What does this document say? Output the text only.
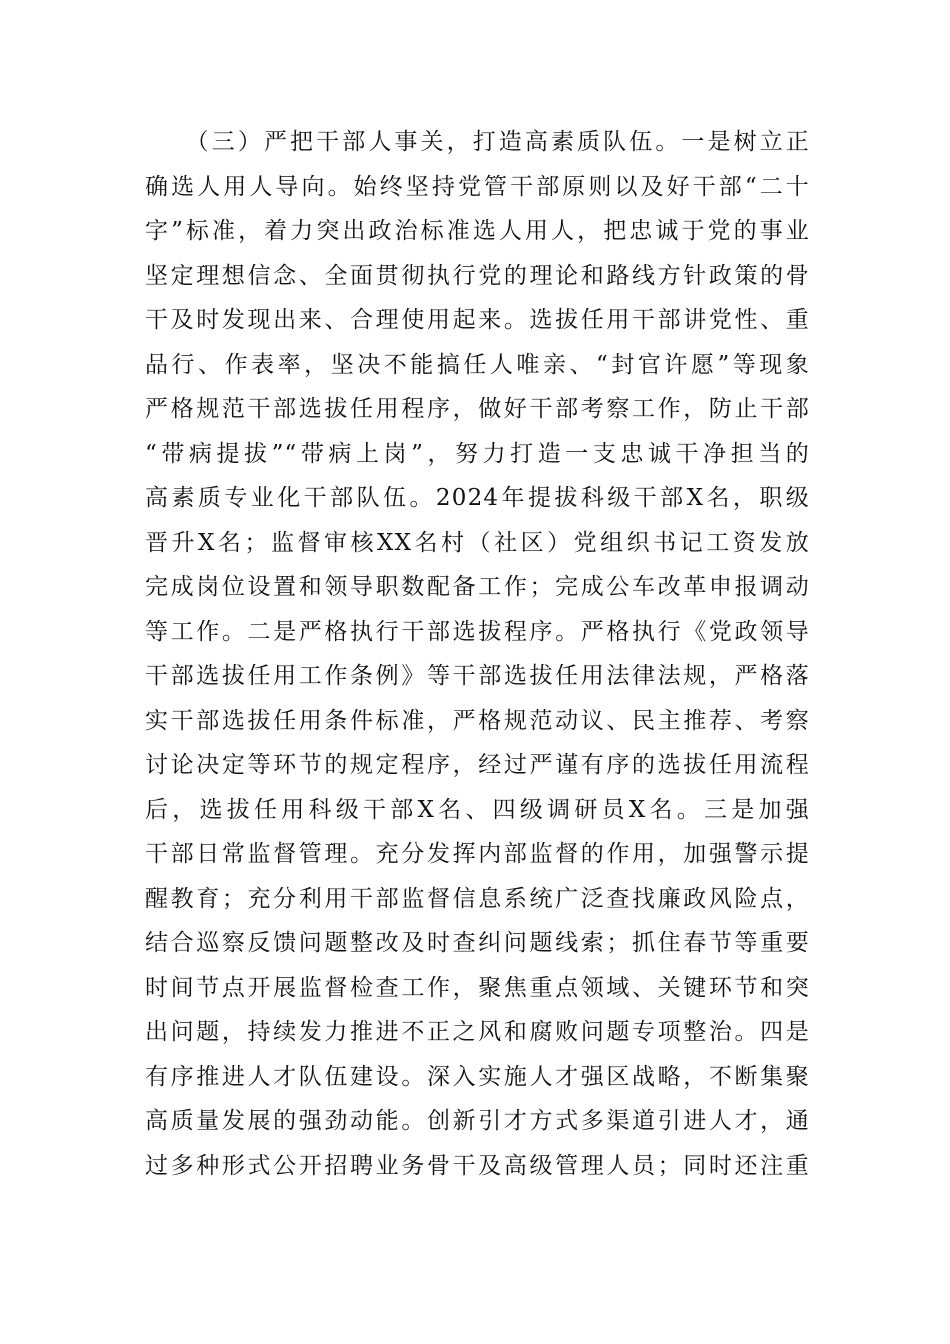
　　（三）严把干部人事关，打造高素质队伍。一是树立正
确选人用人导向。始终坚持党管干部原则以及好干部“二十
字”标准，着力突出政治标准选人用人，把忠诚于党的事业
坚定理想信念、全面贯彻执行党的理论和路线方针政策的骨
干及时发现出来、合理使用起来。选拔任用干部讲党性、重
品行、作表率，坚决不能搞任人唯亲、“封官许愿”等现象
严格规范干部选拔任用程序，做好干部考察工作，防止干部
“带病提拔”“带病上岗”，努力打造一支忠诚干净担当的
高素质专业化干部队伍。2024年提拔科级干部X名，职级
晋升X名；监督审核XX名村（社区）党组织书记工资发放
完成岗位设置和领导职数配备工作；完成公车改革申报调动
等工作。二是严格执行干部选拔程序。严格执行《党政领导
干部选拔任用工作条例》等干部选拔任用法律法规，严格落
实干部选拔任用条件标准，严格规范动议、民主推荐、考察
讨论决定等环节的规定程序，经过严谨有序的选拔任用流程
后，选拔任用科级干部X名、四级调研员X名。三是加强
干部日常监督管理。充分发挥内部监督的作用，加强警示提
醒教育；充分利用干部监督信息系统广泛查找廉政风险点，
结合巡察反馈问题整改及时查纠问题线索；抓住春节等重要
时间节点开展监督检查工作，聚焦重点领域、关键环节和突
出问题，持续发力推进不正之风和腐败问题专项整治。四是
有序推进人才队伍建设。深入实施人才强区战略，不断集聚
高质量发展的强劲动能。创新引才方式多渠道引进人才，通
过多种形式公开招聘业务骨干及高级管理人员；同时还注重
